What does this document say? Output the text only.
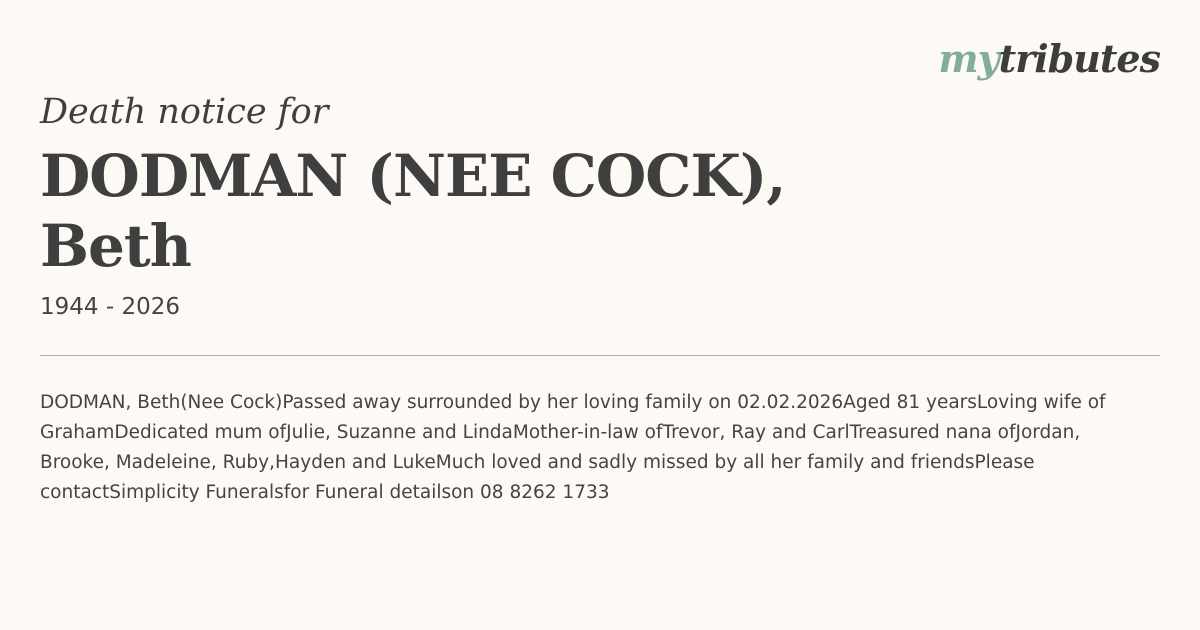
mytributes
Death notice for
DODMAN (NEE COCK),
Beth
1944 - 2026
DODMAN, Beth(Nee Cock)Passed away surrounded by her loving family on 02.02.2026Aged 81 yearsLoving wife of
GrahamDedicated mum ofJulie, Suzanne and LindaMother-in-law ofTrevor, Ray and CarlTreasured nana ofJordan,
Brooke, Madeleine, Ruby,Hayden and LukeMuch loved and sadly missed by all her family and friendsPlease
contactSimplicity Funeralsfor Funeral detailson 08 8262 1733
